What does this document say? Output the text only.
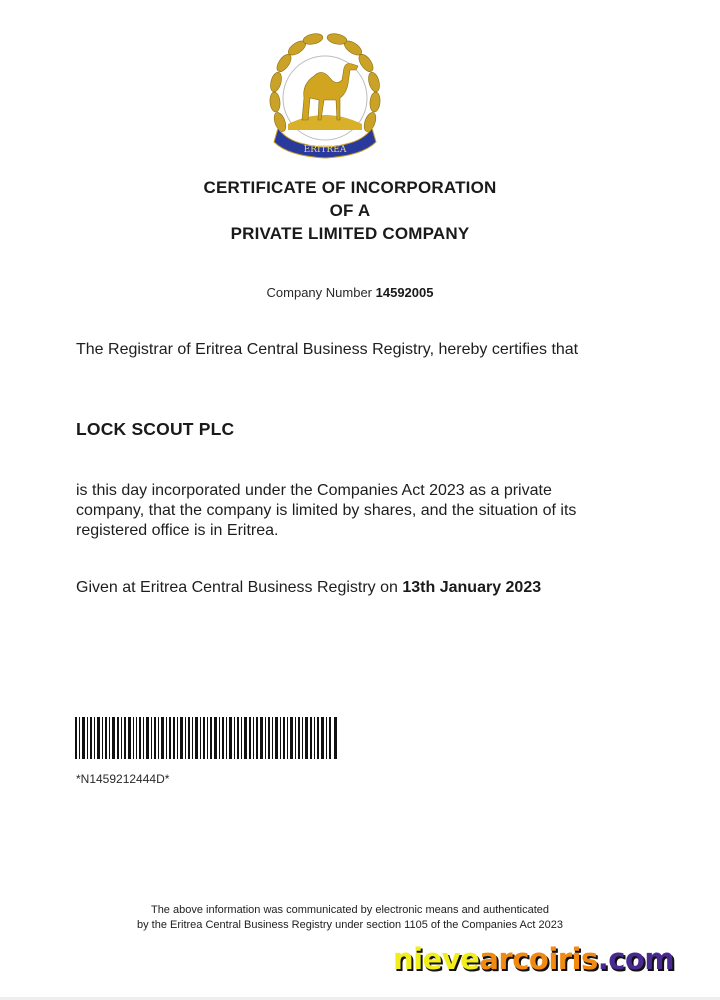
ERITREA
CERTIFICATE OF INCORPORATION
OF A
PRIVATE LIMITED COMPANY
Company Number 14592005
The Registrar of Eritrea Central Business Registry, hereby certifies that
LOCK SCOUT PLC
is this day incorporated under the Companies Act 2023 as a private company, that the company is limited by shares, and the situation of its registered office is in Eritrea.
Given at Eritrea Central Business Registry on 13th January 2023
*N1459212444D*
The above information was communicated by electronic means and authenticated
by the Eritrea Central Business Registry under section 1105 of the Companies Act 2023
nievearcoiris.com
